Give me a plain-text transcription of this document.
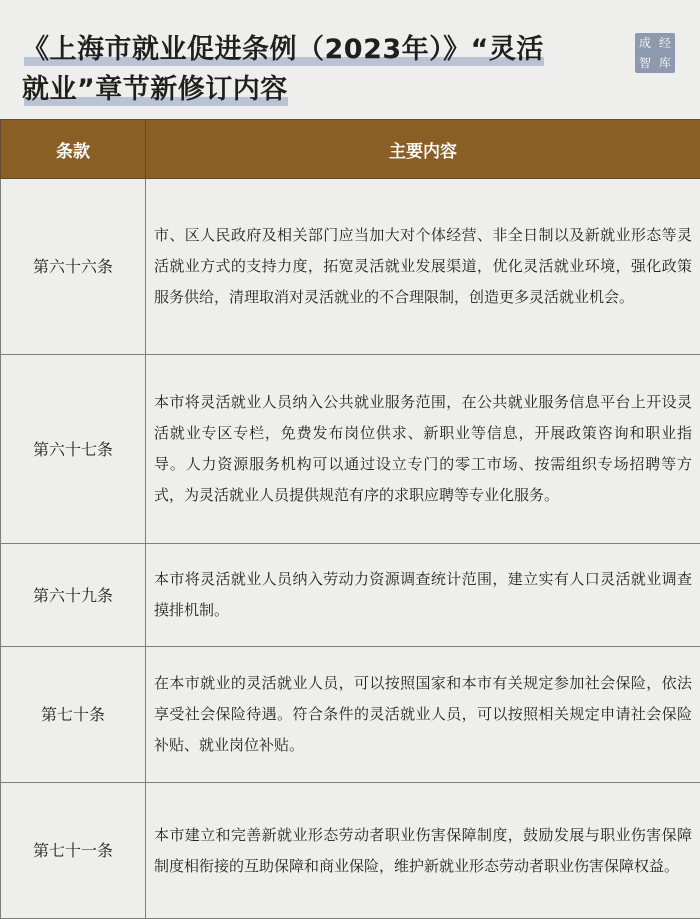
《上海市就业促进条例（2023年）》“灵活

就业”章节新修订内容
成 经
智 库
条款	主要内容
第六十六条	市、区人民政府及相关部门应当加大对个体经营、非全日制以及新就业形态等灵活就业方式的支持力度，拓宽灵活就业发展渠道，优化灵活就业环境，强化政策服务供给，清理取消对灵活就业的不合理限制，创造更多灵活就业机会。
第六十七条	本市将灵活就业人员纳入公共就业服务范围，在公共就业服务信息平台上开设灵活就业专区专栏，免费发布岗位供求、新职业等信息，开展政策咨询和职业指导。人力资源服务机构可以通过设立专门的零工市场、按需组织专场招聘等方式，为灵活就业人员提供规范有序的求职应聘等专业化服务。
第六十九条	本市将灵活就业人员纳入劳动力资源调查统计范围，建立实有人口灵活就业调查摸排机制。
第七十条	在本市就业的灵活就业人员，可以按照国家和本市有关规定参加社会保险，依法享受社会保险待遇。符合条件的灵活就业人员，可以按照相关规定申请社会保险补贴、就业岗位补贴。
第七十一条	本市建立和完善新就业形态劳动者职业伤害保障制度，鼓励发展与职业伤害保障制度相衔接的互助保障和商业保险，维护新就业形态劳动者职业伤害保障权益。
